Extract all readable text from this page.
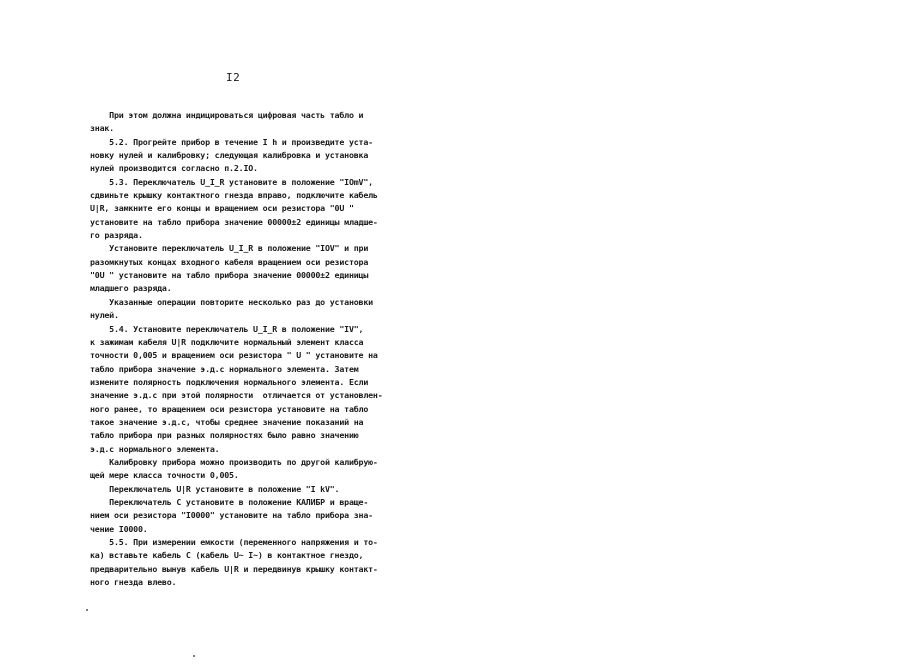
I2
При этом должна индицироваться цифровая часть табло и
знак.
5.2. Прогрейте прибор в течение I h и произведите уста-
новку нулей и калибровку; следующая калибровка и установка
нулей производится согласно п.2.IO.
5.3. Переключатель U_I_R установите в положение "IOmV",
сдвиньте крышку контактного гнезда вправо, подключите кабель
U|R, замкните его концы и вращением оси резистора "0U "
установите на табло прибора значение 00000±2 единицы младше-
го разряда.
Установите переключатель U_I_R в положение "IOV" и при
разомкнутых концах входного кабеля вращением оси резистора
"0U " установите на табло прибора значение 00000±2 единицы
младшего разряда.
Указанные операции повторите несколько раз до установки
нулей.
5.4. Установите переключатель U_I_R в положение "IV",
к зажимам кабеля U|R подключите нормальный элемент класса
точности 0,005 и вращением оси резистора " U " установите на
табло прибора значение э.д.с нормального элемента. Затем
измените полярность подключения нормального элемента. Если
значение э.д.с при этой полярности  отличается от установлен-
ного ранее, то вращением оси резистора установите на табло
такое значение э.д.с, чтобы среднее значение показаний на
табло прибора при разных полярностях было равно значению
э.д.с нормального элемента.
Калибровку прибора можно производить по другой калибрую-
щей мере класса точности 0,005.
Переключатель U|R установите в положение "I kV".
Переключатель С установите в положение КАЛИБР и враще-
нием оси резистора "I0000" установите на табло прибора зна-
чение I0000.
5.5. При измерении емкости (переменного напряжения и то-
ка) вставьте кабель С (кабель U~ I~) в контактное гнездо,
предварительно вынув кабель U|R и передвинув крышку контакт-
ного гнезда влево.
